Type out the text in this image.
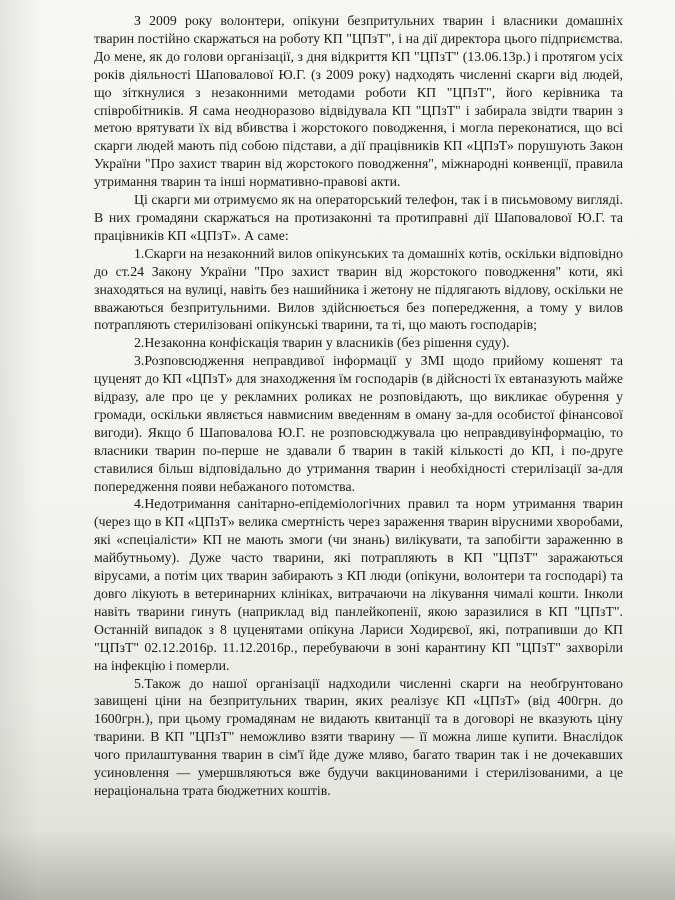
З 2009 року волонтери, опікуни безпритульних тварин і власники домашніх тварин постійно скаржаться на роботу КП "ЦПзТ", і на дії директора цього підприємства. До мене, як до голови організації, з дня відкриття КП "ЦПзТ" (13.06.13р.) і протягом усіх років діяльності Шаповалової Ю.Г. (з 2009 року) надходять численні скарги від людей, що зіткнулися з незаконними методами роботи КП "ЦПзТ", його керівника та співробітників. Я сама неодноразово відвідувала КП "ЦПзТ" і забирала звідти тварин з метою врятувати їх від вбивства і жорстокого поводження, і могла переконатися, що всі скарги людей мають під собою підстави, а дії працівників КП «ЦПзТ» порушують Закон України "Про захист тварин від жорстокого поводження", міжнародні конвенції, правила утримання тварин та інші нормативно-правові акти.

Ці скарги ми отримуємо як на операторський телефон, так і в письмовому вигляді. В них громадяни скаржаться на протизаконні та протиправні дії Шаповалової Ю.Г. та працівників КП «ЦПзТ». А саме:

1.Скарги на незаконний вилов опікунських та домашніх котів, оскільки відповідно до ст.24 Закону України "Про захист тварин від жорстокого поводження" коти, які знаходяться на вулиці, навіть без нашийника і жетону не підлягають відлову, оскільки не вважаються безпритульними. Вилов здійснюється без попередження, а тому у вилов потрапляють стерилізовані опікунські тварини, та ті, що мають господарів;

2.Незаконна конфіскація тварин у власників (без рішення суду).

3.Розповсюдження неправдивої інформації у ЗМІ щодо прийому кошенят та цуценят до КП «ЦПзТ» для знаходження їм господарів (в дійсності їх евтаназують майже відразу, але про це у рекламних роликах не розповідають, що викликає обурення у громади, оскільки являється навмисним введенням в оману за-для особистої фінансової вигоди). Якщо б Шаповалова Ю.Г. не розповсюджувала цю неправдивуінформацію, то власники тварин по-перше не здавали б тварин в такій кількості до КП, і по-друге ставилися більш відповідально до утримання тварин і необхідності стерилізації за-для попередження появи небажаного потомства.

4.Недотримання санітарно-епідеміологічних правил та норм утримання тварин (через що в КП «ЦПзТ» велика смертність через зараження тварин вірусними хворобами, які «спеціалісти» КП не мають змоги (чи знань) вилікувати, та запобігти зараженню в майбутньому). Дуже часто тварини, які потрапляють в КП "ЦПзТ" заражаються вірусами, а потім цих тварин забирають з КП люди (опікуни, волонтери та господарі) та довго лікують в ветеринарних клініках, витрачаючи на лікування чималі кошти. Інколи навіть тварини гинуть (наприклад від панлейкопенії, якою заразилися в КП "ЦПзТ". Останній випадок з 8 цуценятами опікуна Лариси Ходирєвої, які, потрапивши до КП "ЦПзТ" 02.12.2016р. 11.12.2016р., перебуваючи в зоні карантину КП "ЦПзТ" захворіли на інфекцію і померли.

5.Також до нашої організації надходили численні скарги на необґрунтовано завищені ціни на безпритульних тварин, яких реалізує КП «ЦПзТ» (від 400грн. до 1600грн.), при цьому громадянам не видають квитанції та в договорі не вказують ціну тварини. В КП "ЦПзТ" неможливо взяти тварину — її можна лише купити. Внаслідок чого прилаштування тварин в сім'ї йде дуже мляво, багато тварин так і не дочекавших усиновлення — умершвляються вже будучи вакцинованими і стерилізованими, а це нераціональна трата бюджетних коштів.
